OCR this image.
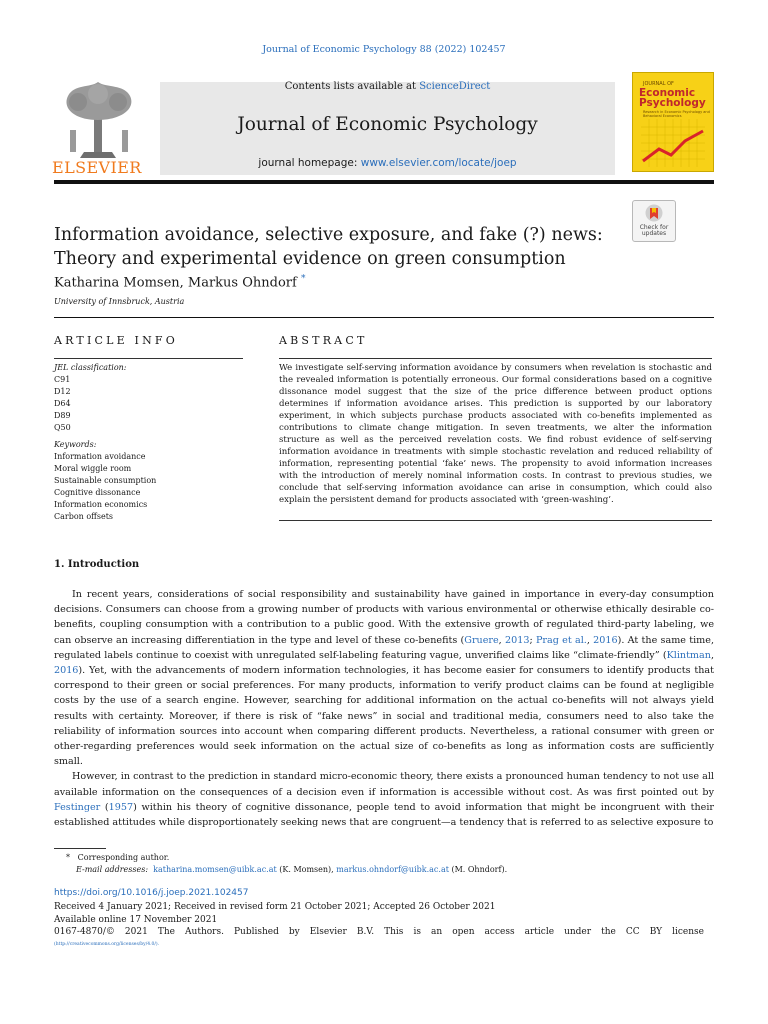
Journal of Economic Psychology 88 (2022) 102457
ELSEVIER
Contents lists available at ScienceDirect
Journal of Economic Psychology
journal homepage: www.elsevier.com/locate/joep
JOURNAL OF
Economic
Psychology
Research in Economic Psychology and Behavioral Economics
Check for
updates
Information avoidance, selective exposure, and fake (?) news:
Theory and experimental evidence on green consumption
Katharina Momsen, Markus Ohndorf *
University of Innsbruck, Austria
ARTICLE INFO	ABSTRACT
JEL classification:
C91
D12
D64
D89
Q50
Keywords:
Information avoidance
Moral wiggle room
Sustainable consumption
Cognitive dissonance
Information economics
Carbon offsets
We investigate self-serving information avoidance by consumers when revelation is stochastic and the revealed information is potentially erroneous. Our formal considerations based on a cognitive dissonance model suggest that the size of the price difference between product options determines if information avoidance arises. This prediction is supported by our laboratory experiment, in which subjects purchase products associated with co-benefits implemented as contributions to climate change mitigation. In seven treatments, we alter the information structure as well as the perceived revelation costs. We find robust evidence of self-serving information avoidance in treatments with simple stochastic revelation and reduced reliability of information, representing potential ‘fake’ news. The propensity to avoid information increases with the introduction of merely nominal information costs. In contrast to previous studies, we conclude that self-serving information avoidance can arise in consumption, which could also explain the persistent demand for products associated with ‘green-washing’.
1. Introduction

In recent years, considerations of social responsibility and sustainability have gained in importance in every-day consumption decisions. Consumers can choose from a growing number of products with various environmental or otherwise ethically desirable co-benefits, coupling consumption with a contribution to a public good. With the extensive growth of regulated third-party labeling, we can observe an increasing differentiation in the type and level of these co-benefits (Gruere, 2013; Prag et al., 2016). At the same time, regulated labels continue to coexist with unregulated self-labeling featuring vague, unverified claims like “climate-friendly” (Klintman, 2016). Yet, with the advancements of modern information technologies, it has become easier for consumers to identify products that correspond to their green or social preferences. For many products, information to verify product claims can be found at negligible costs by the use of a search engine. However, searching for additional information on the actual co-benefits will not always yield results with certainty. Moreover, if there is risk of “fake news” in social and traditional media, consumers need to also take the reliability of information sources into account when comparing different products. Nevertheless, a rational consumer with green or other-regarding preferences would seek information on the actual size of co-benefits as long as information costs are sufficiently small.

However, in contrast to the prediction in standard micro-economic theory, there exists a pronounced human tendency to not use all available information on the consequences of a decision even if information is accessible without cost. As was first pointed out by Festinger (1957) within his theory of cognitive dissonance, people tend to avoid information that might be incongruent with their established attitudes while disproportionately seeking news that are congruent—a tendency that is referred to as selective exposure to

* Corresponding author.
E-mail addresses: katharina.momsen@uibk.ac.at (K. Momsen), markus.ohndorf@uibk.ac.at (M. Ohndorf).
https://doi.org/10.1016/j.joep.2021.102457
Received 4 January 2021; Received in revised form 21 October 2021; Accepted 26 October 2021
Available online 17 November 2021
0167-4870/© 2021 The Authors. Published by Elsevier B.V. This is an open access article under the CC BY license
(http://creativecommons.org/licenses/by/4.0/).
